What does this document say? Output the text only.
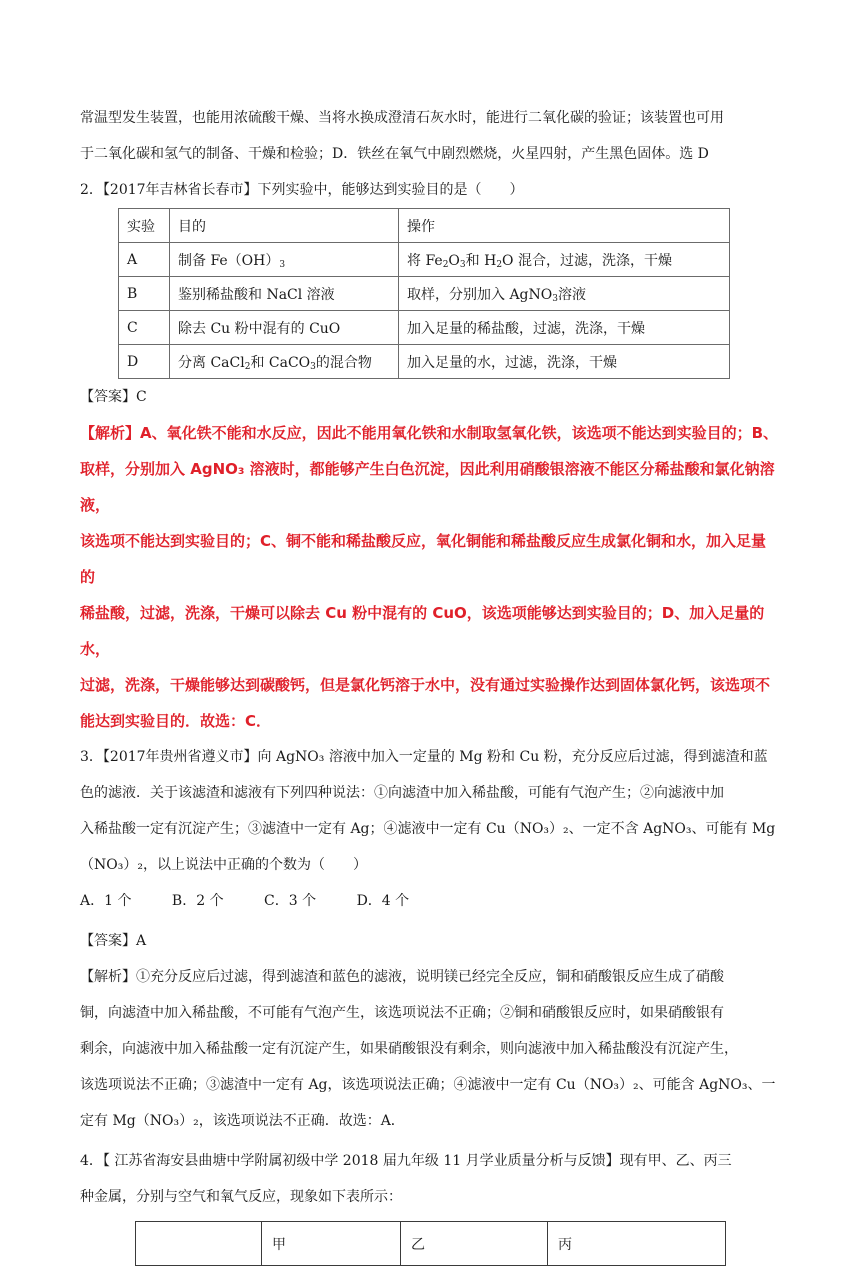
常温型发生装置，也能用浓硫酸干燥、当将水换成澄清石灰水时，能进行二氧化碳的验证；该装置也可用

于二氧化碳和氢气的制备、干燥和检验；D．铁丝在氧气中剧烈燃烧，火星四射，产生黑色固体。选 D

2．【2017年吉林省长春市】下列实验中，能够达到实验目的是（　　）

实验	目的	操作
A	制备 $Fe(OH)_3$	将 $Fe_2O_3$和 $H_2O$ 混合，过滤，洗涤，干燥
B	鉴别稀盐酸和 NaCl 溶液	取样，分别加入 AgNO$_3$溶液
C	除去 Cu 粉中混有的 CuO	加入足量的稀盐酸，过滤，洗涤，干燥
D	分离 CaCl$_2$和 CaCO$_3$的混合物	加入足量的水，过滤，洗涤，干燥

【答案】C

【解析】A、氧化铁不能和水反应，因此不能用氧化铁和水制取氢氧化铁，该选项不能达到实验目的；B、

取样，分别加入 AgNO₃ 溶液时，都能够产生白色沉淀，因此利用硝酸银溶液不能区分稀盐酸和氯化钠溶液，

该选项不能达到实验目的；C、铜不能和稀盐酸反应，氧化铜能和稀盐酸反应生成氯化铜和水，加入足量的

稀盐酸，过滤，洗涤，干燥可以除去 Cu 粉中混有的 CuO，该选项能够达到实验目的；D、加入足量的水，

过滤，洗涤，干燥能够达到碳酸钙，但是氯化钙溶于水中，没有通过实验操作达到固体氯化钙，该选项不

能达到实验目的．故选：C．

3．【2017年贵州省遵义市】向 AgNO₃ 溶液中加入一定量的 Mg 粉和 Cu 粉，充分反应后过滤，得到滤渣和蓝

色的滤液．关于该滤渣和滤液有下列四种说法：①向滤渣中加入稀盐酸，可能有气泡产生；②向滤液中加

入稀盐酸一定有沉淀产生；③滤渣中一定有 Ag；④滤液中一定有 Cu（NO₃）₂、一定不含 AgNO₃、可能有 Mg

（NO₃）₂，以上说法中正确的个数为（　　）

A．1 个	B．2 个	C．3 个	D．4 个

【答案】A

【解析】①充分反应后过滤，得到滤渣和蓝色的滤液，说明镁已经完全反应，铜和硝酸银反应生成了硝酸

铜，向滤渣中加入稀盐酸，不可能有气泡产生，该选项说法不正确；②铜和硝酸银反应时，如果硝酸银有

剩余，向滤液中加入稀盐酸一定有沉淀产生，如果硝酸银没有剩余，则向滤液中加入稀盐酸没有沉淀产生，

该选项说法不正确；③滤渣中一定有 Ag，该选项说法正确；④滤液中一定有 Cu（NO₃）₂、可能含 AgNO₃、一

定有 Mg（NO₃）₂，该选项说法不正确．故选：A．

4．【 江苏省海安县曲塘中学附属初级中学 2018 届九年级 11 月学业质量分析与反馈】现有甲、乙、丙三

种金属，分别与空气和氧气反应，现象如下表所示：

	甲	乙	丙
